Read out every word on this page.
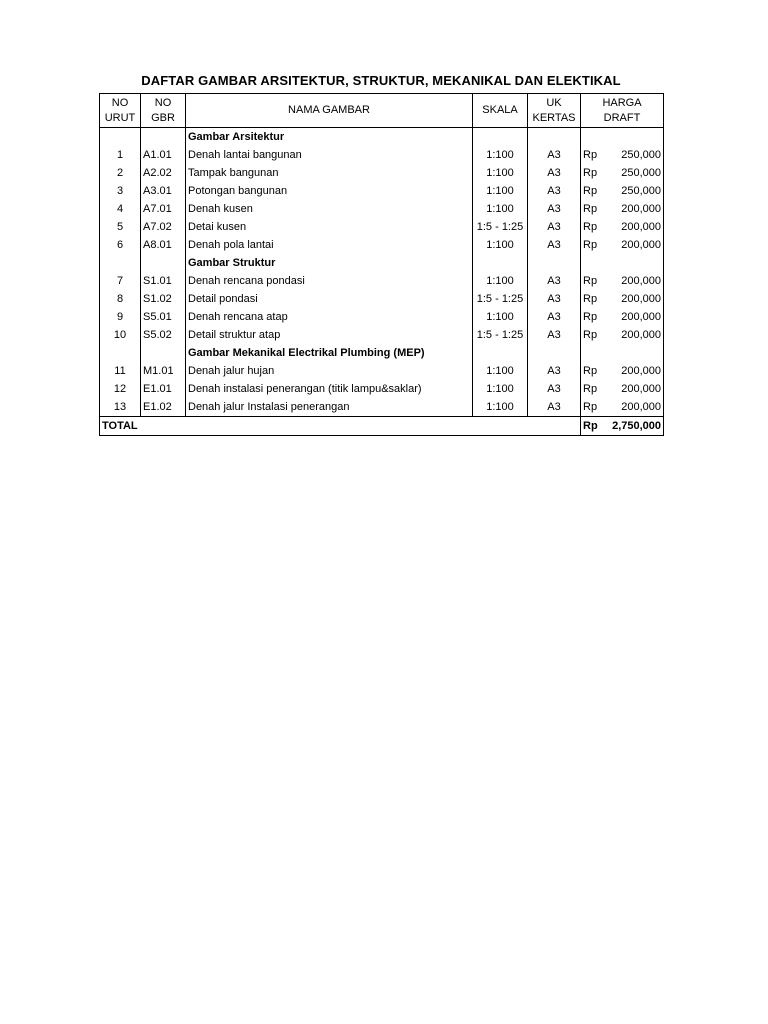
DAFTAR GAMBAR ARSITEKTUR, STRUKTUR, MEKANIKAL DAN ELEKTIKAL
NO URUT	NO GBR	NAMA GAMBAR	SKALA	UK KERTAS	HARGA DRAFT	
		Gambar Arsitektur				
1	A1.01	Denah lantai bangunan	1:100	A3	Rp	250,000
2	A2.02	Tampak bangunan	1:100	A3	Rp	250,000
3	A3.01	Potongan bangunan	1:100	A3	Rp	250,000
4	A7.01	Denah kusen	1:100	A3	Rp	200,000
5	A7.02	Detai kusen	1:5 - 1:25	A3	Rp	200,000
6	A8.01	Denah pola lantai	1:100	A3	Rp	200,000
		Gambar Struktur				
7	S1.01	Denah rencana pondasi	1:100	A3	Rp	200,000
8	S1.02	Detail pondasi	1:5 - 1:25	A3	Rp	200,000
9	S5.01	Denah rencana atap	1:100	A3	Rp	200,000
10	S5.02	Detail struktur atap	1:5 - 1:25	A3	Rp	200,000
		Gambar Mekanikal Electrikal Plumbing (MEP)				
11	M1.01	Denah jalur hujan	1:100	A3	Rp	200,000
12	E1.01	Denah instalasi penerangan (titik lampu&saklar)	1:100	A3	Rp	200,000
13	E1.02	Denah jalur Instalasi penerangan	1:100	A3	Rp	200,000
TOTAL					Rp	2,750,000
